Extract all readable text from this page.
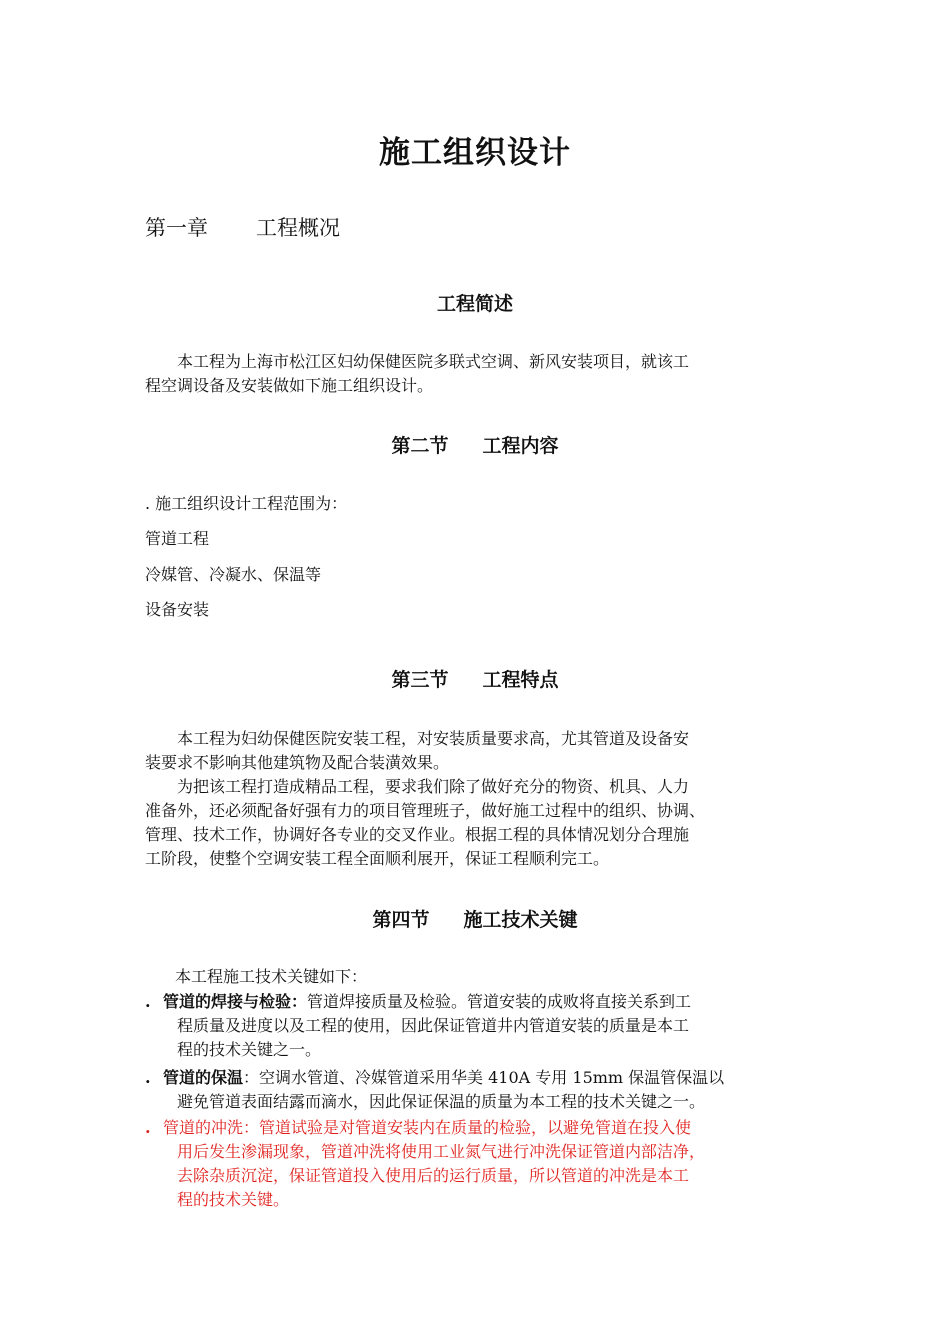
施工组织设计
第一章 工程概况
工程简述
　　本工程为上海市松江区妇幼保健医院多联式空调、新风安装项目，就该工
程空调设备及安装做如下施工组织设计。
第二节 工程内容
. 施工组织设计工程范围为：
管道工程
冷媒管、冷凝水、保温等
设备安装
第三节 工程特点
　　本工程为妇幼保健医院安装工程，对安装质量要求高，尤其管道及设备安
装要求不影响其他建筑物及配合装潢效果。
　　为把该工程打造成精品工程，要求我们除了做好充分的物资、机具、人力
准备外，还必须配备好强有力的项目管理班子，做好施工过程中的组织、协调、
管理、技术工作，协调好各专业的交叉作业。根据工程的具体情况划分合理施
工阶段，使整个空调安装工程全面顺利展开，保证工程顺利完工。
第四节 施工技术关键
本工程施工技术关键如下：
. 管道的焊接与检验：管道焊接质量及检验。管道安装的成败将直接关系到工
程质量及进度以及工程的使用，因此保证管道井内管道安装的质量是本工
程的技术关键之一。
. 管道的保温：空调水管道、冷媒管道采用华美 410A 专用 15mm 保温管保温以
避免管道表面结露而滴水，因此保证保温的质量为本工程的技术关键之一。
. 管道的冲洗：管道试验是对管道安装内在质量的检验，以避免管道在投入使
用后发生渗漏现象，管道冲洗将使用工业氮气进行冲洗保证管道内部洁净，
去除杂质沉淀，保证管道投入使用后的运行质量，所以管道的冲洗是本工
程的技术关键。
